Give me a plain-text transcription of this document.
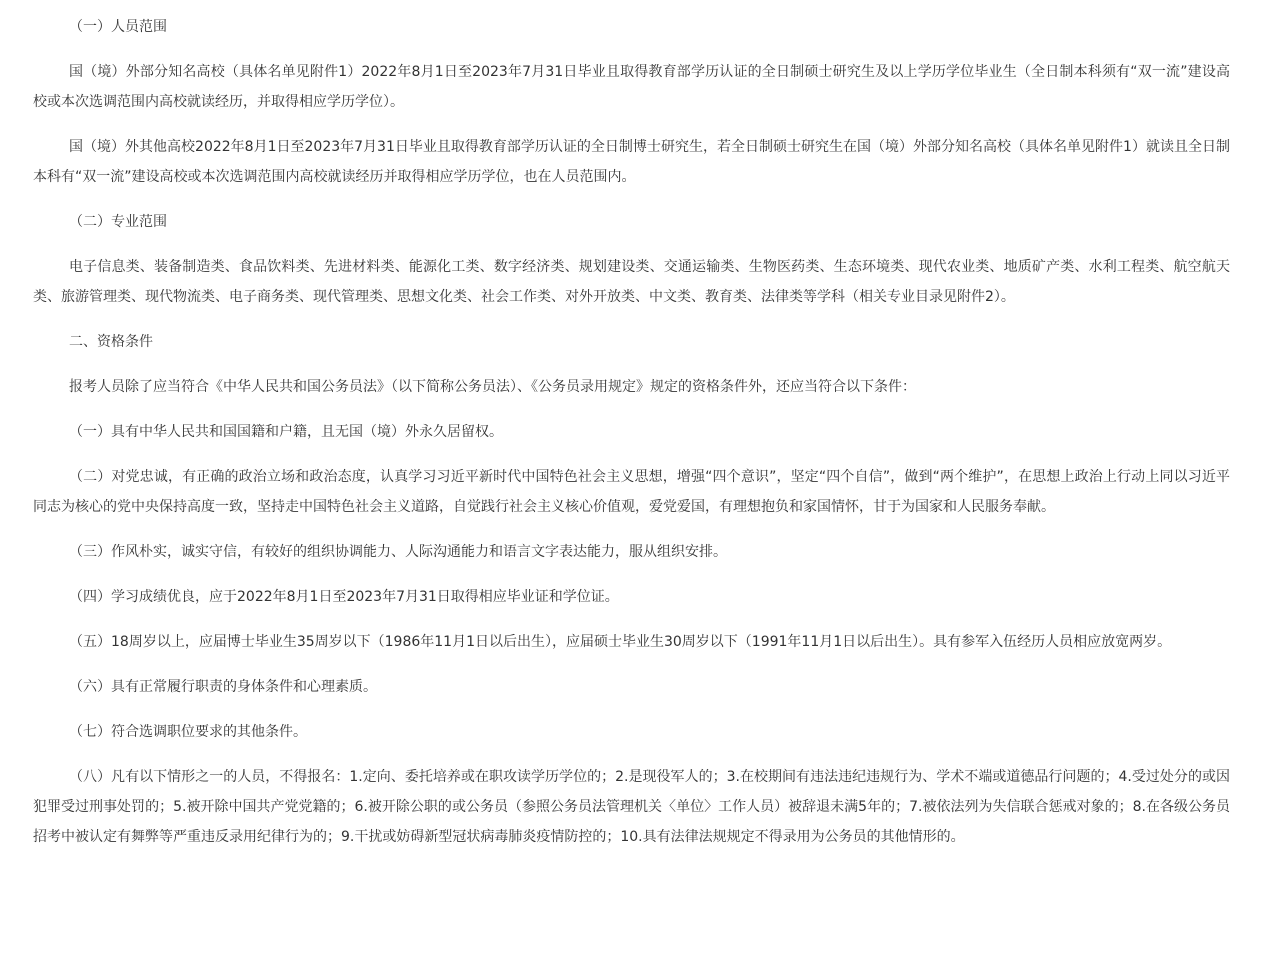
（一）人员范围

国（境）外部分知名高校（具体名单见附件1）2022年8月1日至2023年7月31日毕业且取得教育部学历认证的全日制硕士研究生及以上学历学位毕业生（全日制本科须有“双一流”建设高校或本次选调范围内高校就读经历，并取得相应学历学位）。

国（境）外其他高校2022年8月1日至2023年7月31日毕业且取得教育部学历认证的全日制博士研究生，若全日制硕士研究生在国（境）外部分知名高校（具体名单见附件1）就读且全日制本科有“双一流”建设高校或本次选调范围内高校就读经历并取得相应学历学位，也在人员范围内。

（二）专业范围

电子信息类、装备制造类、食品饮料类、先进材料类、能源化工类、数字经济类、规划建设类、交通运输类、生物医药类、生态环境类、现代农业类、地质矿产类、水利工程类、航空航天类、旅游管理类、现代物流类、电子商务类、现代管理类、思想文化类、社会工作类、对外开放类、中文类、教育类、法律类等学科（相关专业目录见附件2）。

二、资格条件

报考人员除了应当符合《中华人民共和国公务员法》（以下简称公务员法）、《公务员录用规定》规定的资格条件外，还应当符合以下条件：

（一）具有中华人民共和国国籍和户籍，且无国（境）外永久居留权。

（二）对党忠诚，有正确的政治立场和政治态度，认真学习习近平新时代中国特色社会主义思想，增强“四个意识”，坚定“四个自信”，做到“两个维护”，在思想上政治上行动上同以习近平同志为核心的党中央保持高度一致，坚持走中国特色社会主义道路，自觉践行社会主义核心价值观，爱党爱国，有理想抱负和家国情怀，甘于为国家和人民服务奉献。

（三）作风朴实，诚实守信，有较好的组织协调能力、人际沟通能力和语言文字表达能力，服从组织安排。

（四）学习成绩优良，应于2022年8月1日至2023年7月31日取得相应毕业证和学位证。

（五）18周岁以上，应届博士毕业生35周岁以下（1986年11月1日以后出生），应届硕士毕业生30周岁以下（1991年11月1日以后出生）。具有参军入伍经历人员相应放宽两岁。

（六）具有正常履行职责的身体条件和心理素质。

（七）符合选调职位要求的其他条件。

（八）凡有以下情形之一的人员，不得报名：1.定向、委托培养或在职攻读学历学位的；2.是现役军人的；3.在校期间有违法违纪违规行为、学术不端或道德品行问题的；4.受过处分的或因犯罪受过刑事处罚的；5.被开除中国共产党党籍的；6.被开除公职的或公务员（参照公务员法管理机关〈单位〉工作人员）被辞退未满5年的；7.被依法列为失信联合惩戒对象的；8.在各级公务员招考中被认定有舞弊等严重违反录用纪律行为的；9.干扰或妨碍新型冠状病毒肺炎疫情防控的；10.具有法律法规规定不得录用为公务员的其他情形的。
